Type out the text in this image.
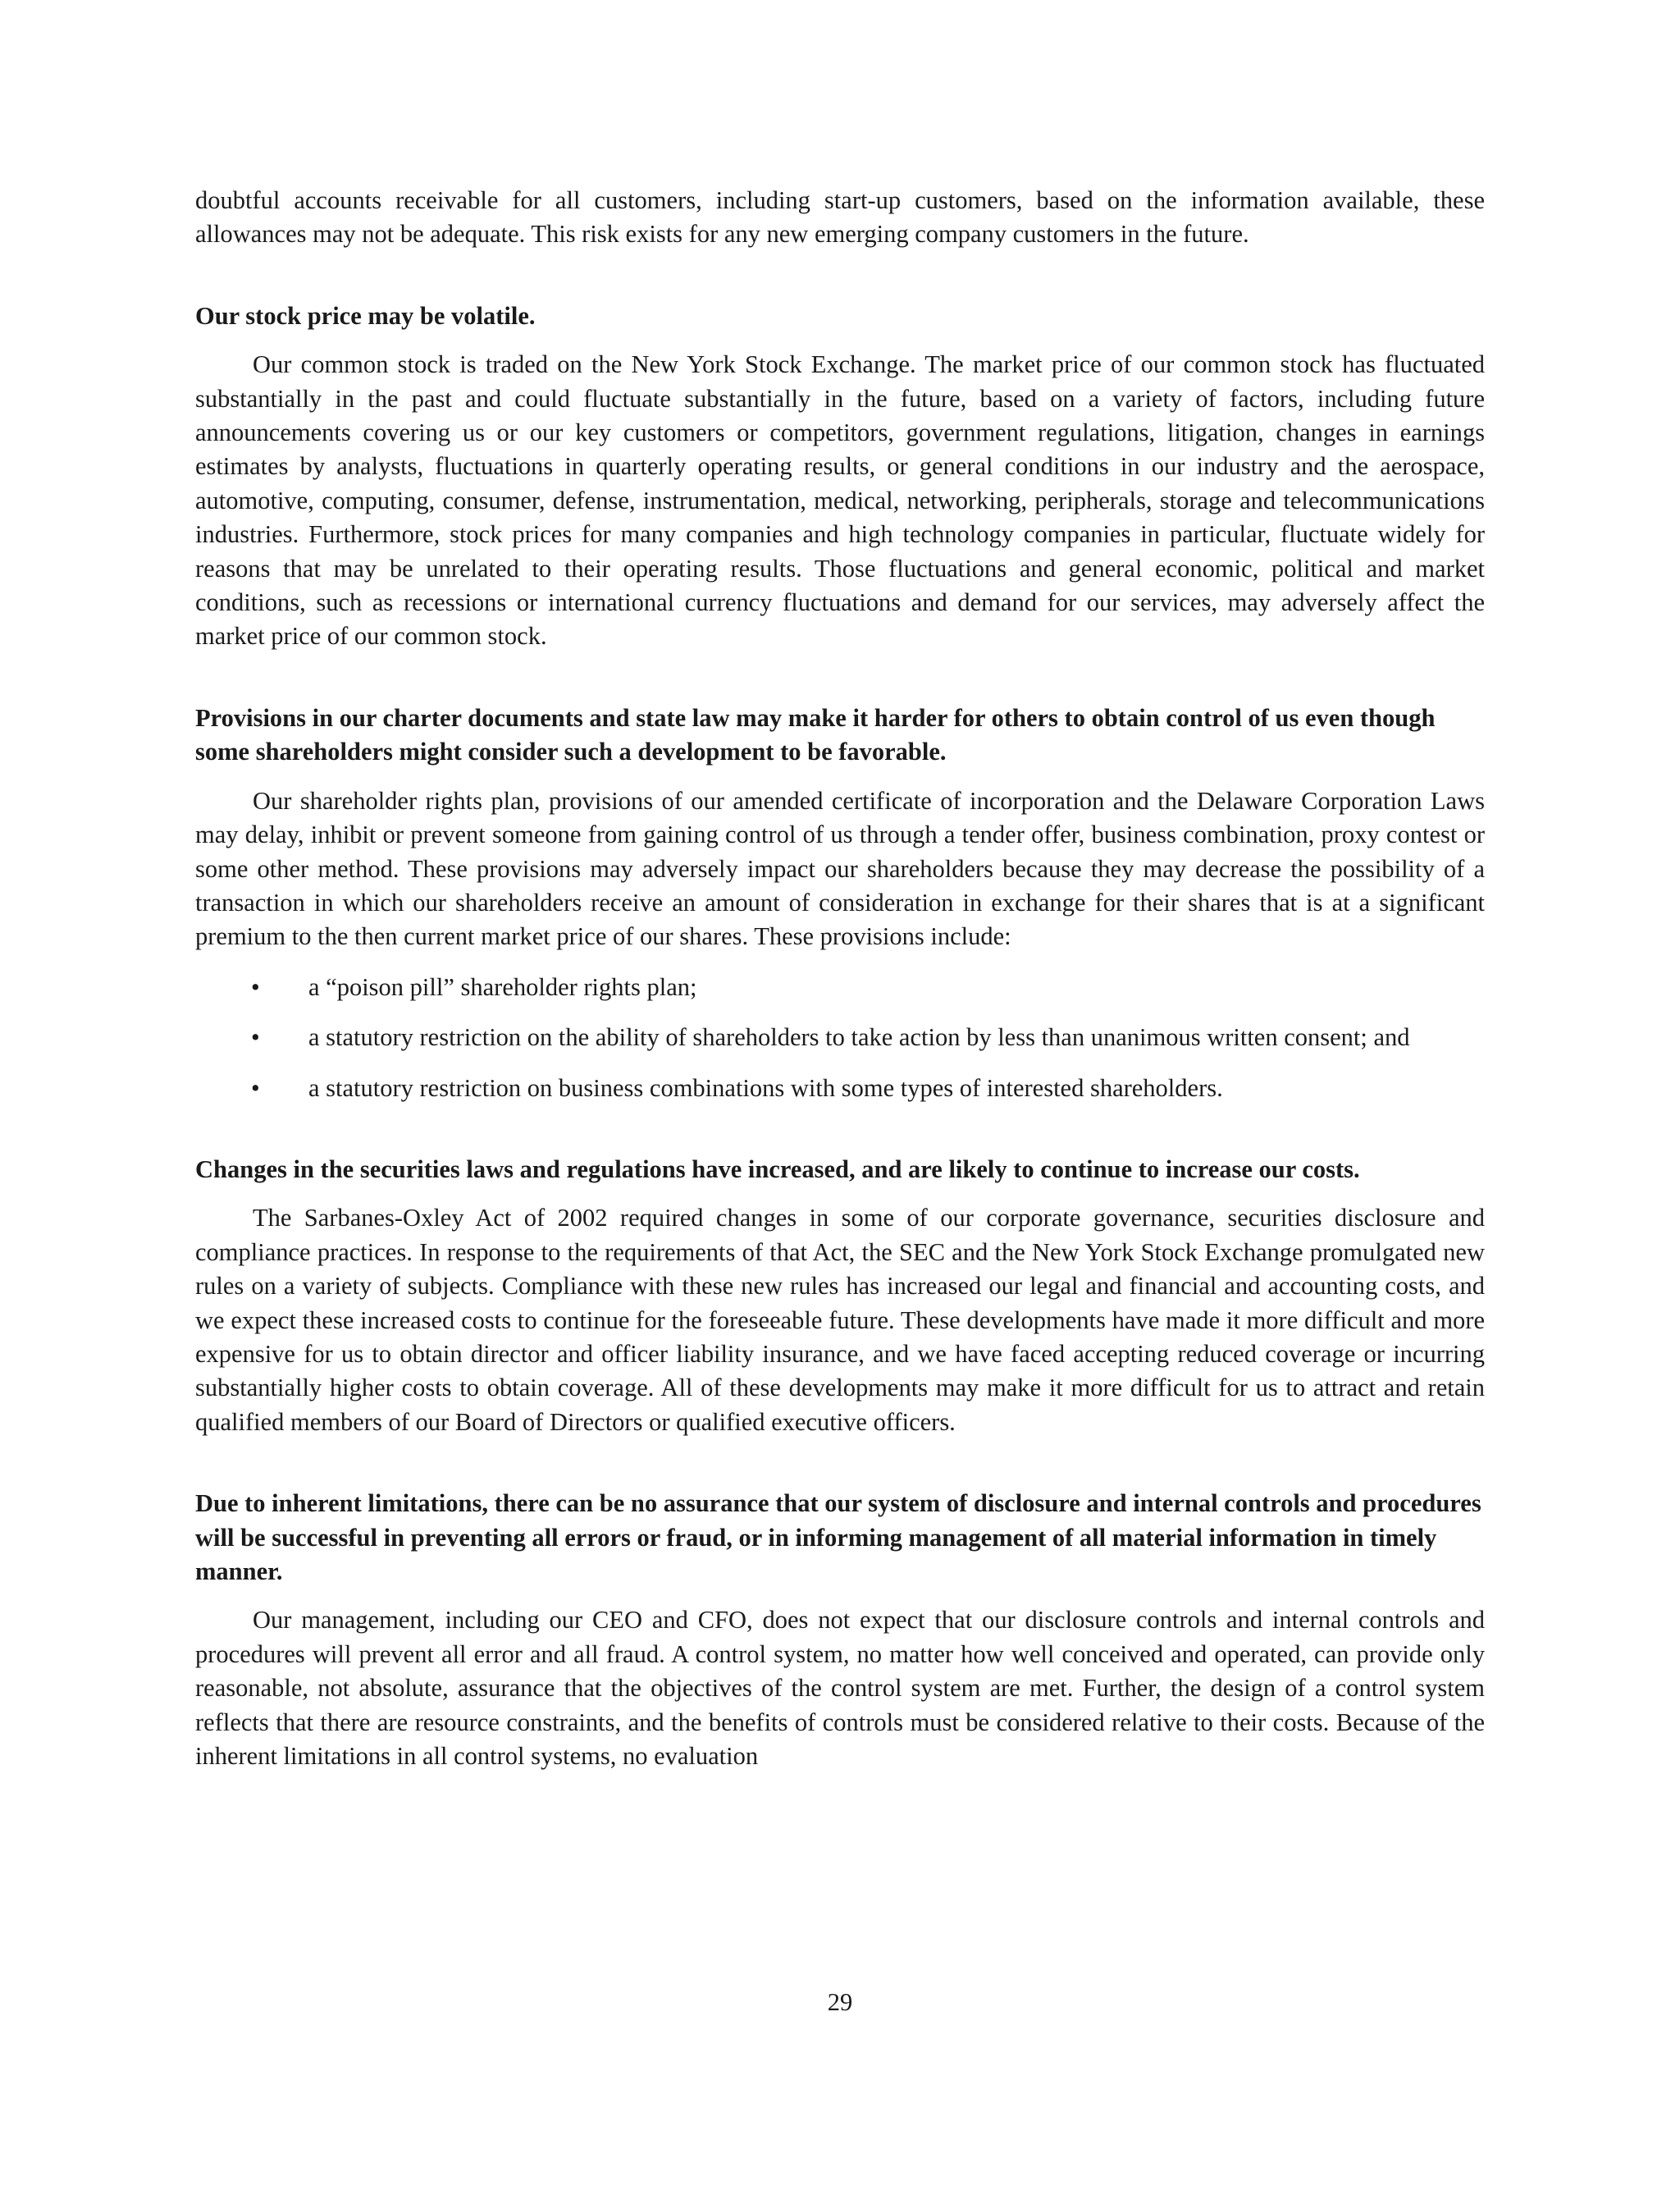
doubtful accounts receivable for all customers, including start-up customers, based on the information available, these allowances may not be adequate. This risk exists for any new emerging company customers in the future.

Our stock price may be volatile.

Our common stock is traded on the New York Stock Exchange. The market price of our common stock has fluctuated substantially in the past and could fluctuate substantially in the future, based on a variety of factors, including future announcements covering us or our key customers or competitors, government regulations, litigation, changes in earnings estimates by analysts, fluctuations in quarterly operating results, or general conditions in our industry and the aerospace, automotive, computing, consumer, defense, instrumentation, medical, networking, peripherals, storage and telecommunications industries. Furthermore, stock prices for many companies and high technology companies in particular, fluctuate widely for reasons that may be unrelated to their operating results. Those fluctuations and general economic, political and market conditions, such as recessions or international currency fluctuations and demand for our services, may adversely affect the market price of our common stock.

Provisions in our charter documents and state law may make it harder for others to obtain control of us even though some shareholders might consider such a development to be favorable.

Our shareholder rights plan, provisions of our amended certificate of incorporation and the Delaware Corporation Laws may delay, inhibit or prevent someone from gaining control of us through a tender offer, business combination, proxy contest or some other method. These provisions may adversely impact our shareholders because they may decrease the possibility of a transaction in which our shareholders receive an amount of consideration in exchange for their shares that is at a significant premium to the then current market price of our shares. These provisions include:

• a “poison pill” shareholder rights plan;
• a statutory restriction on the ability of shareholders to take action by less than unanimous written consent; and
• a statutory restriction on business combinations with some types of interested shareholders.
Changes in the securities laws and regulations have increased, and are likely to continue to increase our costs.

The Sarbanes-Oxley Act of 2002 required changes in some of our corporate governance, securities disclosure and compliance practices. In response to the requirements of that Act, the SEC and the New York Stock Exchange promulgated new rules on a variety of subjects. Compliance with these new rules has increased our legal and financial and accounting costs, and we expect these increased costs to continue for the foreseeable future. These developments have made it more difficult and more expensive for us to obtain director and officer liability insurance, and we have faced accepting reduced coverage or incurring substantially higher costs to obtain coverage. All of these developments may make it more difficult for us to attract and retain qualified members of our Board of Directors or qualified executive officers.

Due to inherent limitations, there can be no assurance that our system of disclosure and internal controls and procedures will be successful in preventing all errors or fraud, or in informing management of all material information in timely manner.

Our management, including our CEO and CFO, does not expect that our disclosure controls and internal controls and procedures will prevent all error and all fraud. A control system, no matter how well conceived and operated, can provide only reasonable, not absolute, assurance that the objectives of the control system are met. Further, the design of a control system reflects that there are resource constraints, and the benefits of controls must be considered relative to their costs. Because of the inherent limitations in all control systems, no evaluation

29
